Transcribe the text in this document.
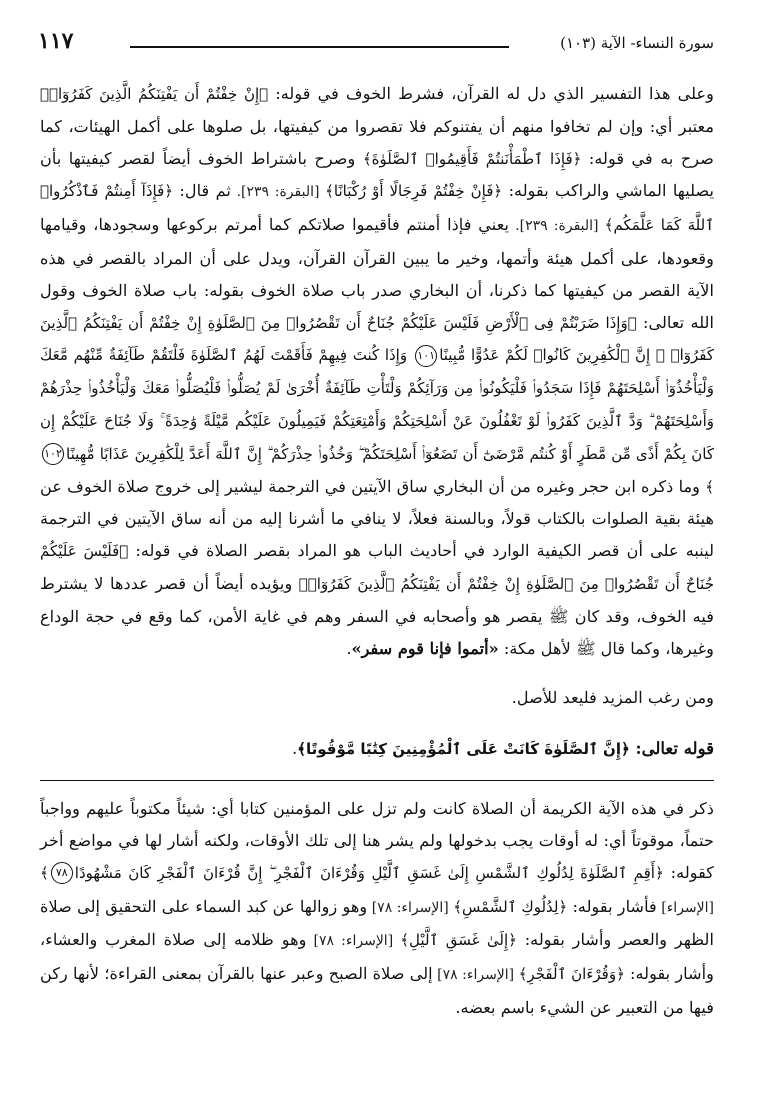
سورة النساء- الآية (١٠٣)
١١٧

وعلى هذا التفسير الذي دل له القرآن، فشرط الخوف في قوله: ﴿إِنْ خِفْتُمْ أَن يَفْتِنَكُمُ الَّذِينَ كَفَرُوٓا۟﴾ معتبر أي: وإن لم تخافوا منهم أن يفتنوكم فلا تقصروا من كيفيتها، بل صلوها على أكمل الهيئات، كما صرح به في قوله: ﴿فَإِذَا ٱطْمَأْنَنتُمْ فَأَقِيمُوا۟ ٱلصَّلَوٰةَ﴾ وصرح باشتراط الخوف أيضاً لقصر كيفيتها بأن يصليها الماشي والراكب بقوله: ﴿فَإِنْ خِفْتُمْ فَرِجَالًا أَوْ رُكْبَانًا﴾ [البقرة: ٢٣٩]. ثم قال: ﴿فَإِذَآ أَمِنتُمْ فَٱذْكُرُوا۟ ٱللَّهَ كَمَا عَلَّمَكُم﴾ [البقرة: ٢٣٩]. يعني فإذا أمنتم فأقيموا صلاتكم كما أمرتم بركوعها وسجودها، وقيامها وقعودها، على أكمل هيئة وأتمها، وخير ما يبين القرآن القرآن، ويدل على أن المراد بالقصر في هذه الآية القصر من كيفيتها كما ذكرنا، أن البخاري صدر باب صلاة الخوف بقوله: باب صلاة الخوف وقول الله تعالى: ﴿وَإِذَا ضَرَبْتُمْ فِى ٱلْأَرْضِ فَلَيْسَ عَلَيْكُمْ جُنَاحٌ أَن تَقْصُرُوا۟ مِنَ ٱلصَّلَوٰةِ إِنْ خِفْتُمْ أَن يَفْتِنَكُمُ ٱلَّذِينَ كَفَرُوٓا۟ ۚ إِنَّ ٱلْكَٰفِرِينَ كَانُوا۟ لَكُمْ عَدُوًّا مُّبِينًا١٠١ وَإِذَا كُنتَ فِيهِمْ فَأَقَمْتَ لَهُمُ ٱلصَّلَوٰةَ فَلْتَقُمْ طَآئِفَةٌ مِّنْهُم مَّعَكَ وَلْيَأْخُذُوٓا۟ أَسْلِحَتَهُمْ فَإِذَا سَجَدُوا۟ فَلْيَكُونُوا۟ مِن وَرَآئِكُمْ وَلْتَأْتِ طَآئِفَةٌ أُخْرَىٰ لَمْ يُصَلُّوا۟ فَلْيُصَلُّوا۟ مَعَكَ وَلْيَأْخُذُوا۟ حِذْرَهُمْ وَأَسْلِحَتَهُمْ ۗ وَدَّ ٱلَّذِينَ كَفَرُوا۟ لَوْ تَغْفُلُونَ عَنْ أَسْلِحَتِكُمْ وَأَمْتِعَتِكُمْ فَيَمِيلُونَ عَلَيْكُم مَّيْلَةً وَٰحِدَةً ۚ وَلَا جُنَاحَ عَلَيْكُمْ إِن كَانَ بِكُمْ أَذًى مِّن مَّطَرٍ أَوْ كُنتُم مَّرْضَىٰٓ أَن تَضَعُوٓا۟ أَسْلِحَتَكُمْ ۖ وَخُذُوا۟ حِذْرَكُمْ ۗ إِنَّ ٱللَّهَ أَعَدَّ لِلْكَٰفِرِينَ عَذَابًا مُّهِينًا١٠٢﴾ وما ذكره ابن حجر وغيره من أن البخاري ساق الآيتين في الترجمة ليشير إلى خروج صلاة الخوف عن هيئة بقية الصلوات بالكتاب قولاً، وبالسنة فعلاً، لا ينافي ما أشرنا إليه من أنه ساق الآيتين في الترجمة لينبه على أن قصر الكيفية الوارد في أحاديث الباب هو المراد بقصر الصلاة في قوله: ﴿فَلَيْسَ عَلَيْكُمْ جُنَاحٌ أَن تَقْصُرُوا۟ مِنَ ٱلصَّلَوٰةِ إِنْ خِفْتُمْ أَن يَفْتِنَكُمُ ٱلَّذِينَ كَفَرُوٓا۟﴾ ويؤيده أيضاً أن قصر عددها لا يشترط فيه الخوف، وقد كان ﷺ يقصر هو وأصحابه في السفر وهم في غاية الأمن، كما وقع في حجة الوداع وغيرها، وكما قال ﷺ لأهل مكة: «أتموا فإنا قوم سفر».

ومن رغب المزيد فليعد للأصل.

قوله تعالى: ﴿إِنَّ ٱلصَّلَوٰةَ كَانَتْ عَلَى ٱلْمُؤْمِنِينَ كِتَٰبًا مَّوْقُوتًا﴾.

ذكر في هذه الآية الكريمة أن الصلاة كانت ولم تزل على المؤمنين كتابا أي: شيئاً مكتوباً عليهم وواجباً حتماً، موقوتاً أي: له أوقات يجب بدخولها ولم يشر هنا إلى تلك الأوقات، ولكنه أشار لها في مواضع أخر كقوله: ﴿أَقِمِ ٱلصَّلَوٰةَ لِدُلُوكِ ٱلشَّمْسِ إِلَىٰ غَسَقِ ٱلَّيْلِ وَقُرْءَانَ ٱلْفَجْرِ ۖ إِنَّ قُرْءَانَ ٱلْفَجْرِ كَانَ مَشْهُودًا٧٨﴾ [الإسراء] فأشار بقوله: ﴿لِدُلُوكِ ٱلشَّمْسِ﴾ [الإسراء: ٧٨] وهو زوالها عن كبد السماء على التحقيق إلى صلاة الظهر والعصر وأشار بقوله: ﴿إِلَىٰ غَسَقِ ٱلَّيْلِ﴾ [الإسراء: ٧٨] وهو ظلامه إلى صلاة المغرب والعشاء، وأشار بقوله: ﴿وَقُرْءَانَ ٱلْفَجْرِ﴾ [الإسراء: ٧٨] إلى صلاة الصبح وعبر عنها بالقرآن بمعنى القراءة؛ لأنها ركن فيها من التعبير عن الشيء باسم بعضه.
